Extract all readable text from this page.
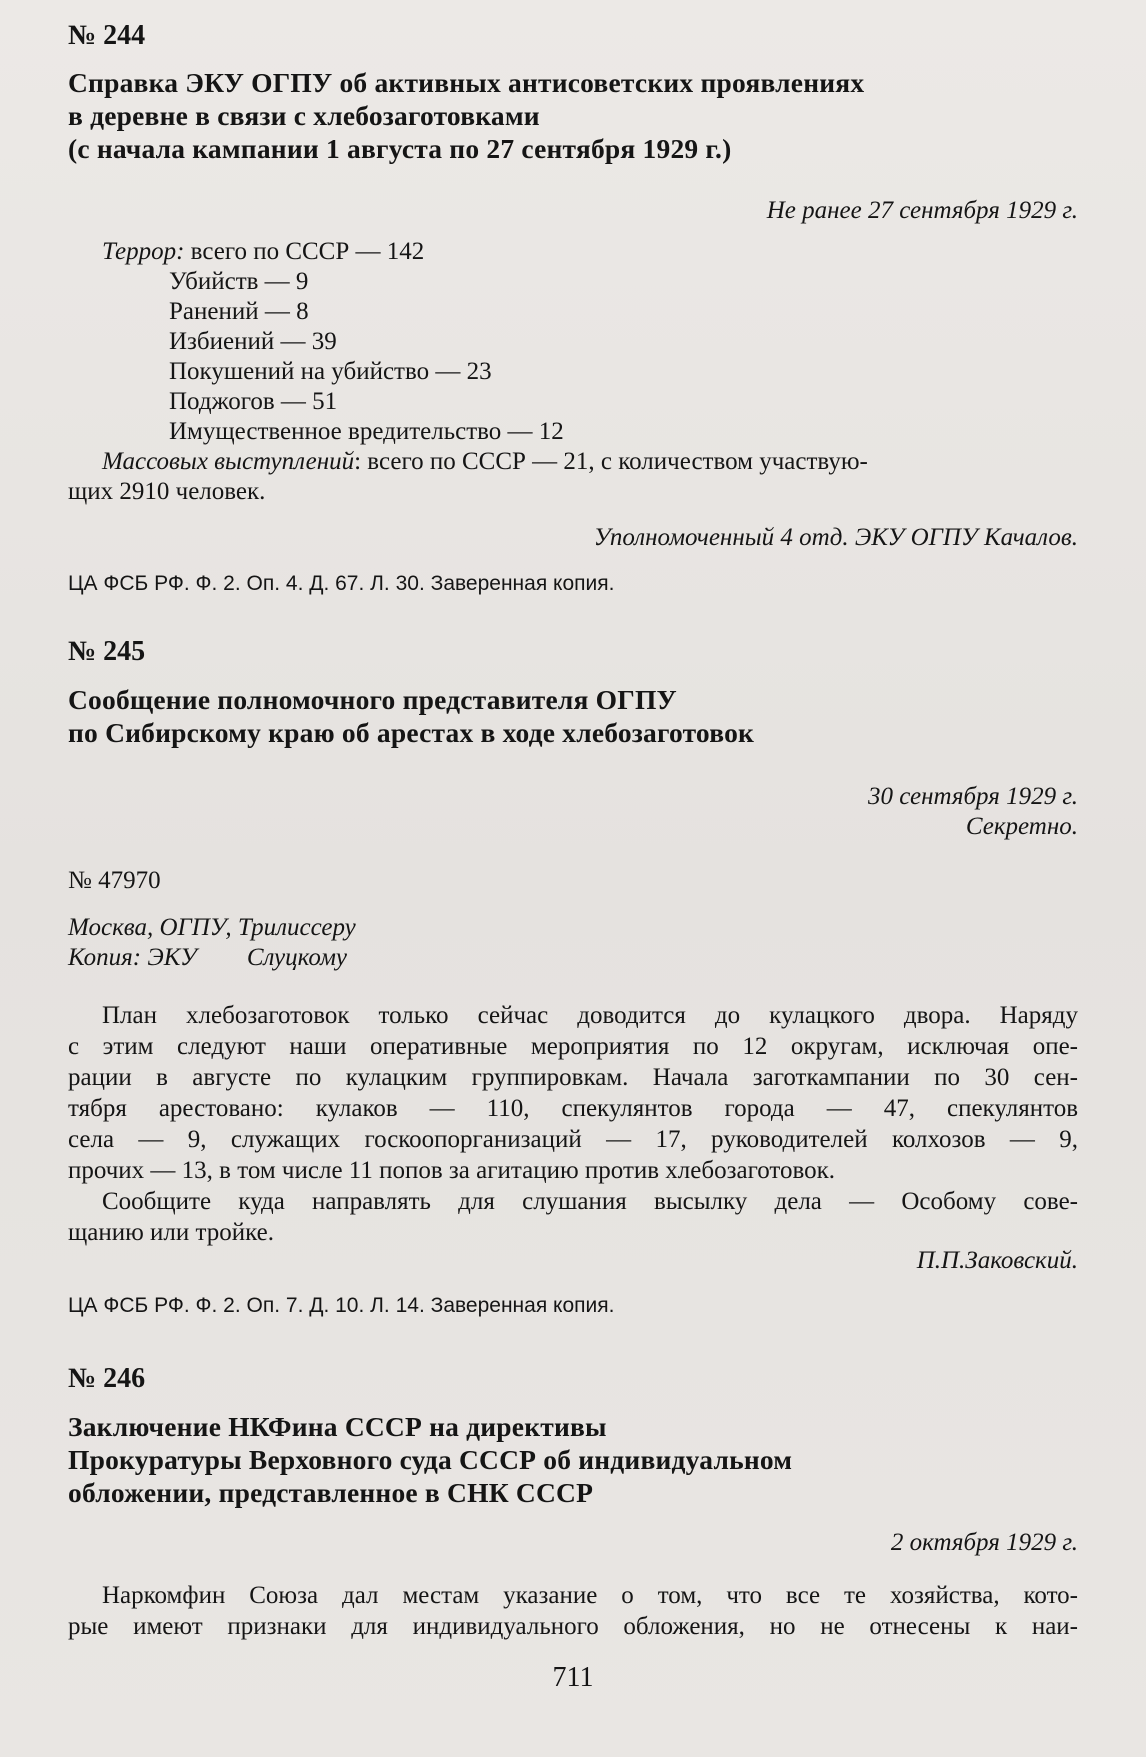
№ 244
Справка ЭКУ ОГПУ об активных антисоветских проявлениях
в деревне в связи с хлебозаготовками
(с начала кампании 1 августа по 27 сентября 1929 г.)
Не ранее 27 сентября 1929 г.
Террор: всего по СССР — 142
Убийств — 9
Ранений — 8
Избиений — 39
Покушений на убийство — 23
Поджогов — 51
Имущественное вредительство — 12
Массовых выступлений: всего по СССР — 21, с количеством участвую-
щих 2910 человек.
Уполномоченный 4 отд. ЭКУ ОГПУ Качалов.
ЦА ФСБ РФ. Ф. 2. Оп. 4. Д. 67. Л. 30. Заверенная копия.
№ 245
Сообщение полномочного представителя ОГПУ
по Сибирскому краю об арестах в ходе хлебозаготовок
30 сентября 1929 г.
Секретно.
№ 47970
Москва, ОГПУ, Трилиссеру
Копия: ЭКУ Слуцкому
План хлебозаготовок только сейчас доводится до кулацкого двора. Наряду
с этим следуют наши оперативные мероприятия по 12 округам, исключая опе-
рации в августе по кулацким группировкам. Начала заготкампании по 30 сен-
тября арестовано: кулаков — 110, спекулянтов города — 47, спекулянтов
села — 9, служащих госкоопорганизаций — 17, руководителей колхозов — 9,
прочих — 13, в том числе 11 попов за агитацию против хлебозаготовок.
Сообщите куда направлять для слушания высылку дела — Особому сове-
щанию или тройке.
П.П.Заковский.
ЦА ФСБ РФ. Ф. 2. Оп. 7. Д. 10. Л. 14. Заверенная копия.
№ 246
Заключение НКФина СССР на директивы
Прокуратуры Верховного суда СССР об индивидуальном
обложении, представленное в СНК СССР
2 октября 1929 г.
Наркомфин Союза дал местам указание о том, что все те хозяйства, кото-
рые имеют признаки для индивидуального обложения, но не отнесены к наи-
711
